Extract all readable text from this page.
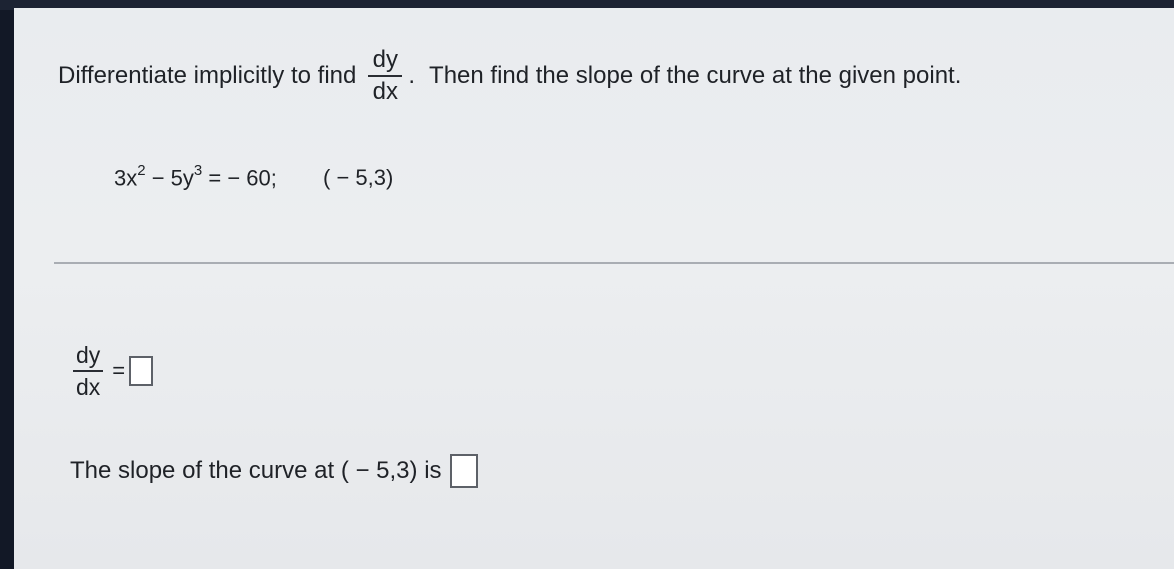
Differentiate implicitly to find $\frac{dy}{dx}$ . Then find the slope of the curve at the given point.
$3x^2 - 5y^3$ = − 60; ( − 5,3)
$\frac{dy}{dx}$ =
The slope of the curve at ( − 5,3) is
